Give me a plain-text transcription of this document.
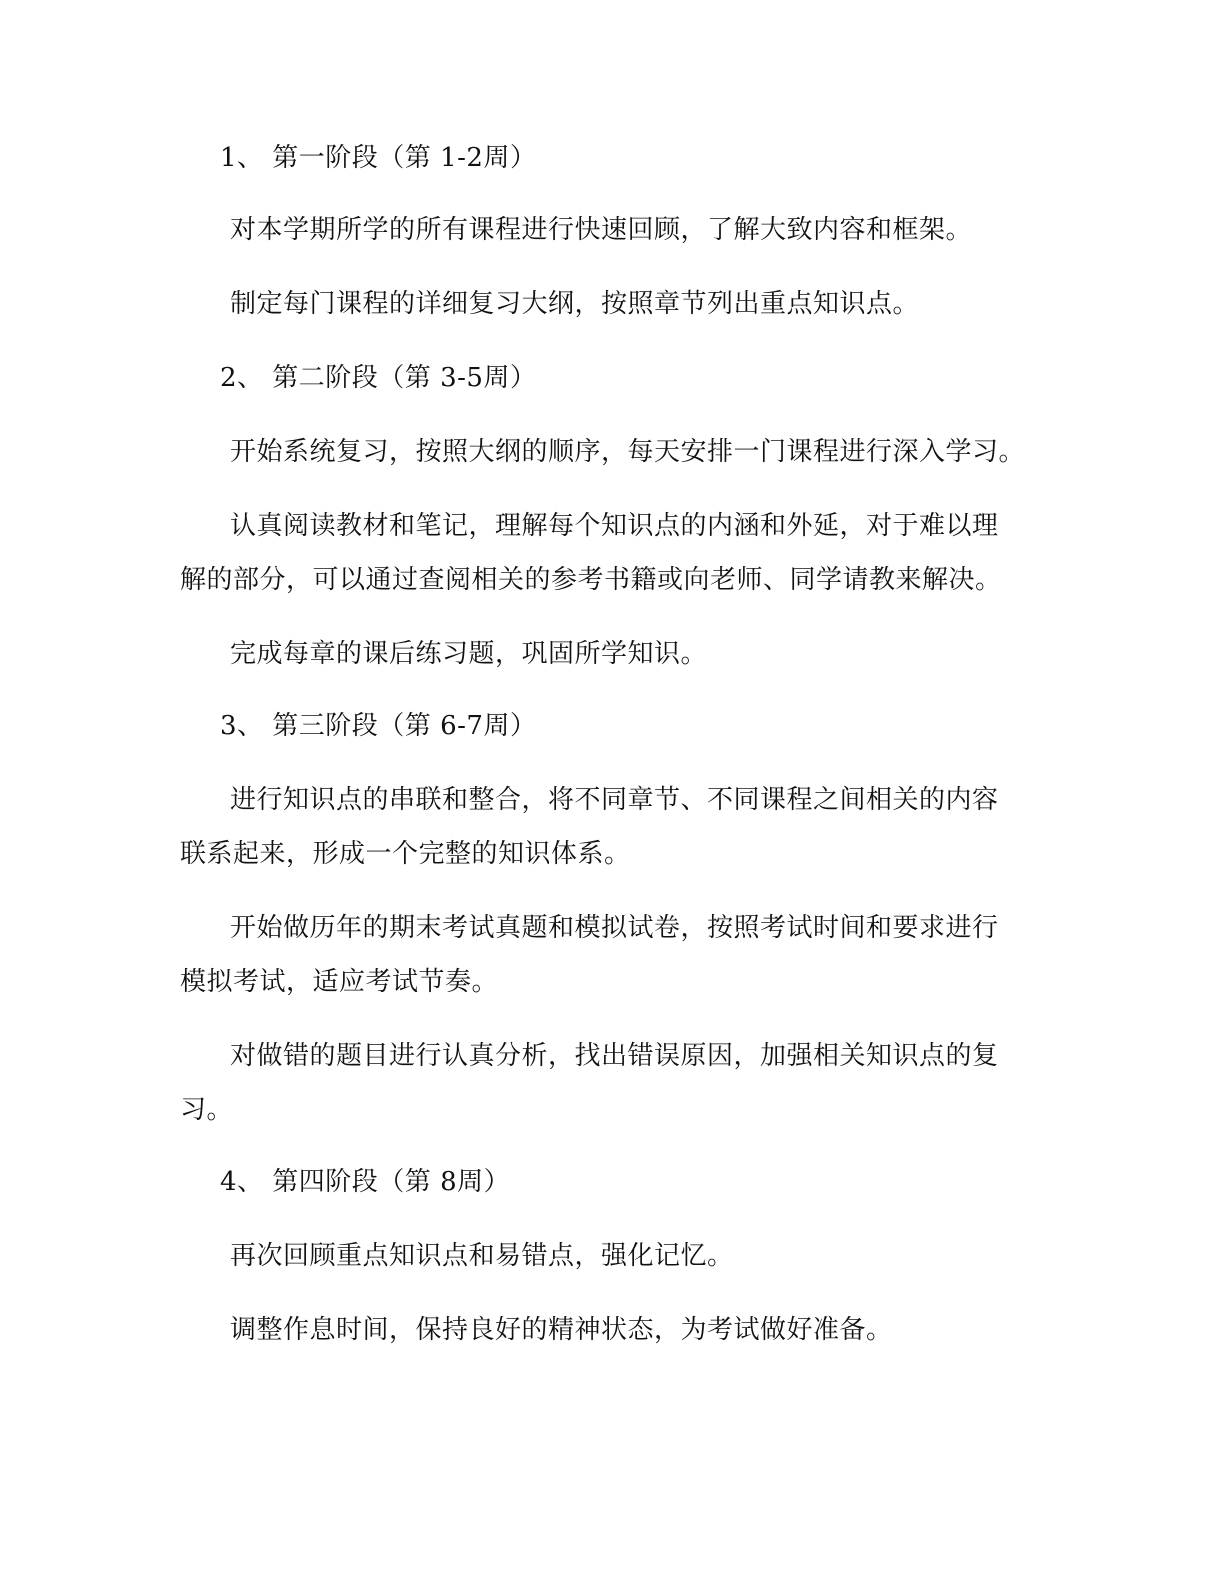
1、 第一阶段（第 1-2周）
对本学期所学的所有课程进行快速回顾，了解大致内容和框架。
制定每门课程的详细复习大纲，按照章节列出重点知识点。
2、 第二阶段（第 3-5周）
开始系统复习，按照大纲的顺序，每天安排一门课程进行深入学习。
认真阅读教材和笔记，理解每个知识点的内涵和外延，对于难以理
解的部分，可以通过查阅相关的参考书籍或向老师、同学请教来解决。
完成每章的课后练习题，巩固所学知识。
3、 第三阶段（第 6-7周）
进行知识点的串联和整合，将不同章节、不同课程之间相关的内容
联系起来，形成一个完整的知识体系。
开始做历年的期末考试真题和模拟试卷，按照考试时间和要求进行
模拟考试，适应考试节奏。
对做错的题目进行认真分析，找出错误原因，加强相关知识点的复
习。
4、 第四阶段（第 8周）
再次回顾重点知识点和易错点，强化记忆。
调整作息时间，保持良好的精神状态，为考试做好准备。
